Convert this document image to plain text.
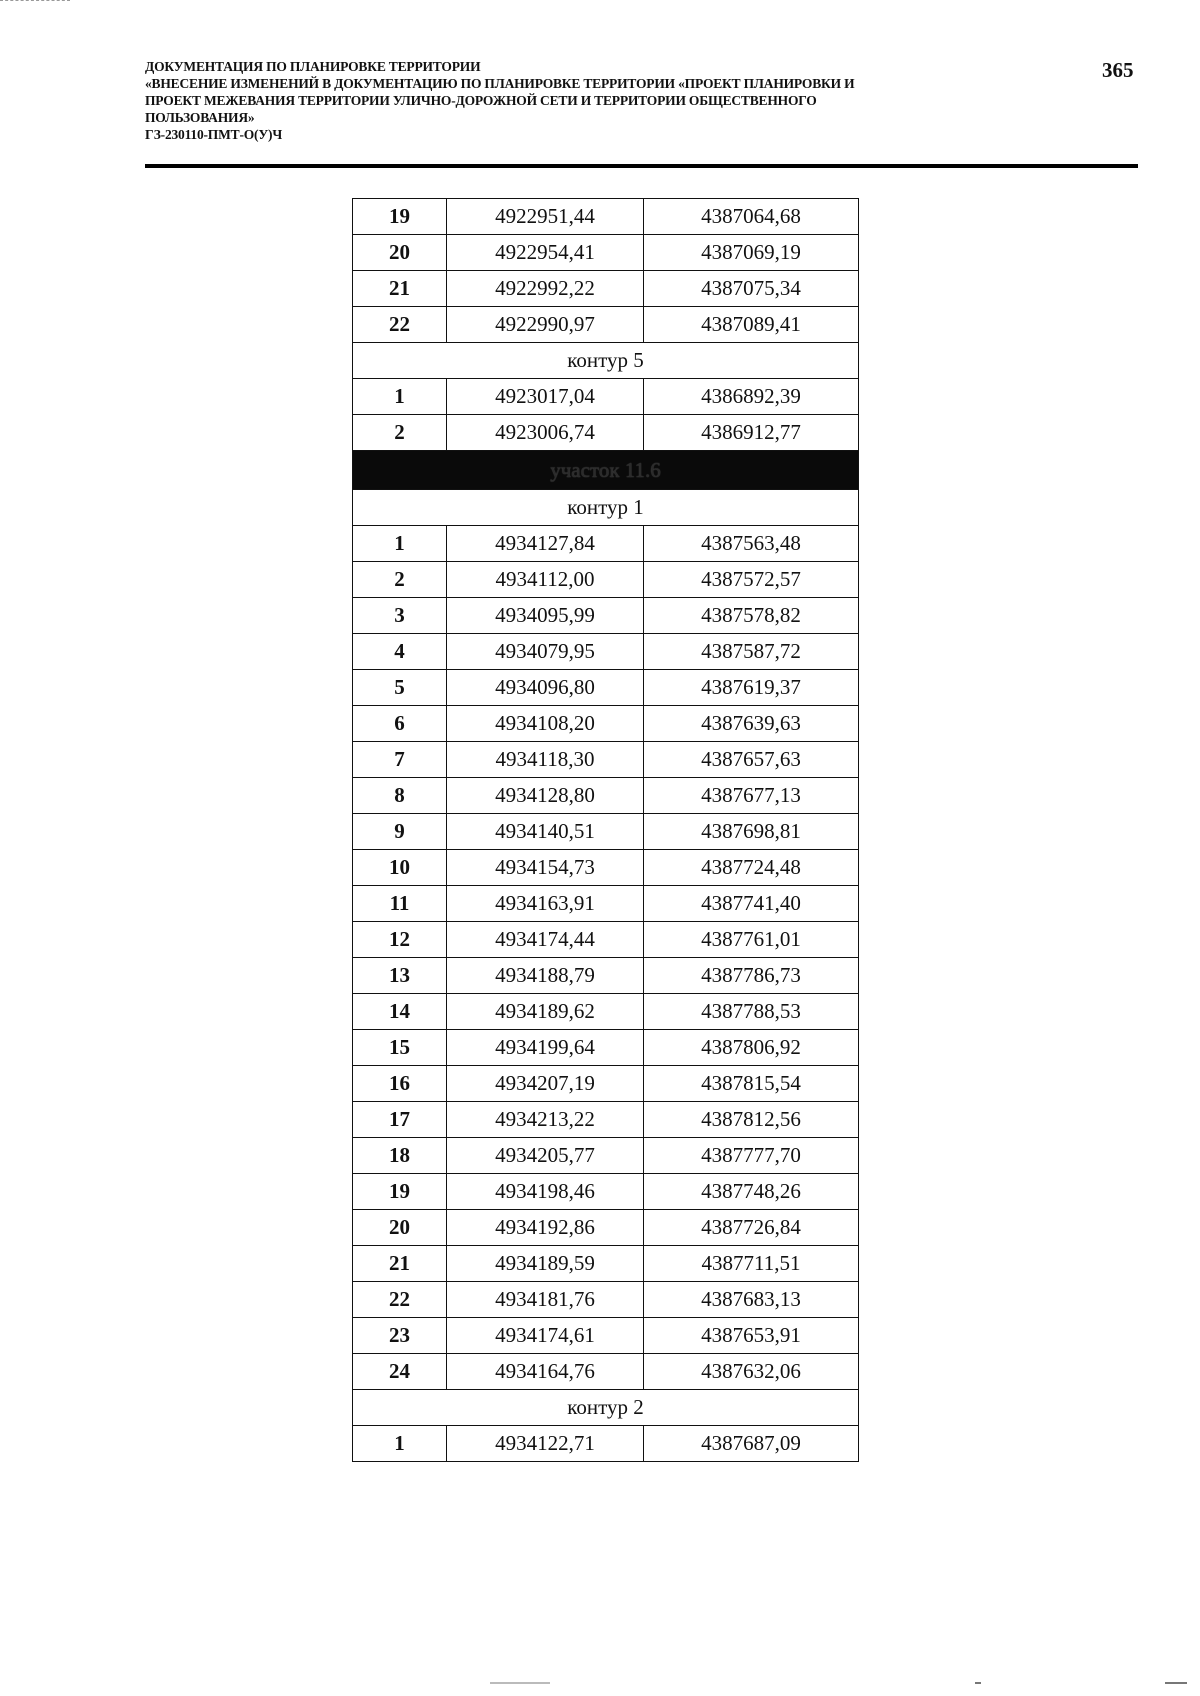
ДОКУМЕНТАЦИЯ ПО ПЛАНИРОВКЕ ТЕРРИТОРИИ
«ВНЕСЕНИЕ ИЗМЕНЕНИЙ В ДОКУМЕНТАЦИЮ ПО ПЛАНИРОВКЕ ТЕРРИТОРИИ «ПРОЕКТ ПЛАНИРОВКИ И
ПРОЕКТ МЕЖЕВАНИЯ ТЕРРИТОРИИ УЛИЧНО-ДОРОЖНОЙ СЕТИ И ТЕРРИТОРИИ ОБЩЕСТВЕННОГО
ПОЛЬЗОВАНИЯ»
ГЗ-230110-ПМТ-О(У)Ч
365
19	4922951,44	4387064,68
20	4922954,41	4387069,19
21	4922992,22	4387075,34
22	4922990,97	4387089,41
контур 5		
1	4923017,04	4386892,39
2	4923006,74	4386912,77
участок 11.6		
контур 1		
1	4934127,84	4387563,48
2	4934112,00	4387572,57
3	4934095,99	4387578,82
4	4934079,95	4387587,72
5	4934096,80	4387619,37
6	4934108,20	4387639,63
7	4934118,30	4387657,63
8	4934128,80	4387677,13
9	4934140,51	4387698,81
10	4934154,73	4387724,48
11	4934163,91	4387741,40
12	4934174,44	4387761,01
13	4934188,79	4387786,73
14	4934189,62	4387788,53
15	4934199,64	4387806,92
16	4934207,19	4387815,54
17	4934213,22	4387812,56
18	4934205,77	4387777,70
19	4934198,46	4387748,26
20	4934192,86	4387726,84
21	4934189,59	4387711,51
22	4934181,76	4387683,13
23	4934174,61	4387653,91
24	4934164,76	4387632,06
контур 2		
1	4934122,71	4387687,09
